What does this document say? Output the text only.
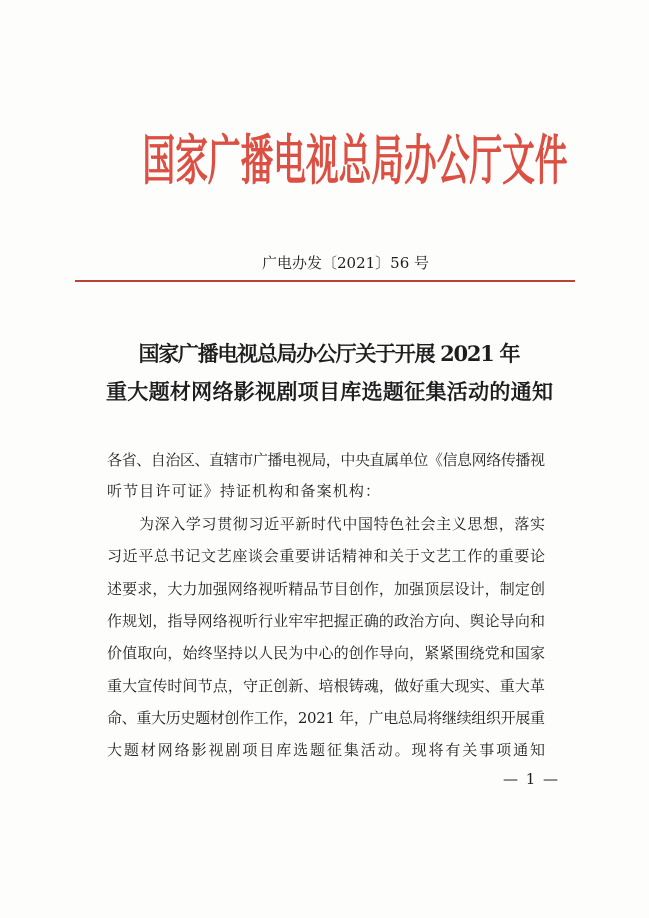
国家广播电视总局办公厅文件
广电办发〔2021〕56 号
国家广播电视总局办公厅关于开展 2021 年
重大题材网络影视剧项目库选题征集活动的通知
各省、自治区、直辖市广播电视局，中央直属单位《信息网络传播视
听节目许可证》持证机构和备案机构：
为深入学习贯彻习近平新时代中国特色社会主义思想，落实
习近平总书记文艺座谈会重要讲话精神和关于文艺工作的重要论
述要求，大力加强网络视听精品节目创作，加强顶层设计，制定创
作规划，指导网络视听行业牢牢把握正确的政治方向、舆论导向和
价值取向，始终坚持以人民为中心的创作导向，紧紧围绕党和国家
重大宣传时间节点，守正创新、培根铸魂，做好重大现实、重大革
命、重大历史题材创作工作，2021 年，广电总局将继续组织开展重
大题材网络影视剧项目库选题征集活动。现将有关事项通知
— 1 —
